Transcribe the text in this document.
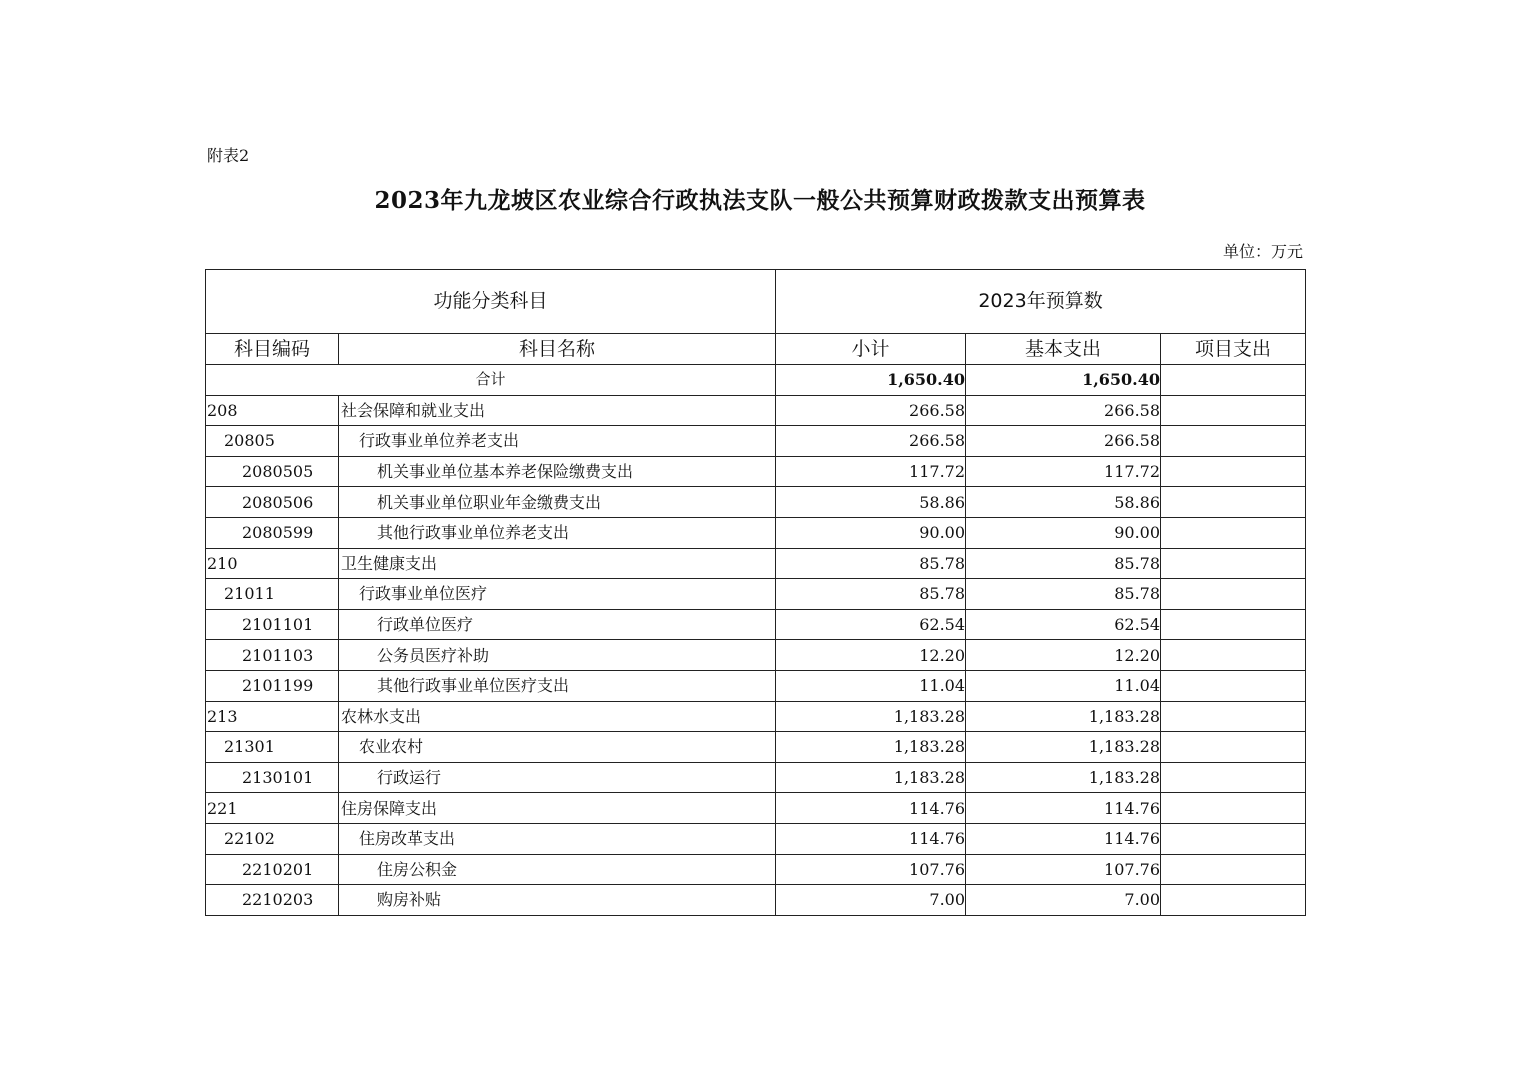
附表2
2023年九龙坡区农业综合行政执法支队一般公共预算财政拨款支出预算表
单位：万元
功能分类科目		2023年预算数		
科目编码	科目名称	小计	基本支出	项目支出
合计		1,650.40	1,650.40	
208	社会保障和就业支出	266.58	266.58	
20805	行政事业单位养老支出	266.58	266.58	
2080505	机关事业单位基本养老保险缴费支出	117.72	117.72	
2080506	机关事业单位职业年金缴费支出	58.86	58.86	
2080599	其他行政事业单位养老支出	90.00	90.00	
210	卫生健康支出	85.78	85.78	
21011	行政事业单位医疗	85.78	85.78	
2101101	行政单位医疗	62.54	62.54	
2101103	公务员医疗补助	12.20	12.20	
2101199	其他行政事业单位医疗支出	11.04	11.04	
213	农林水支出	1,183.28	1,183.28	
21301	农业农村	1,183.28	1,183.28	
2130101	行政运行	1,183.28	1,183.28	
221	住房保障支出	114.76	114.76	
22102	住房改革支出	114.76	114.76	
2210201	住房公积金	107.76	107.76	
2210203	购房补贴	7.00	7.00	
